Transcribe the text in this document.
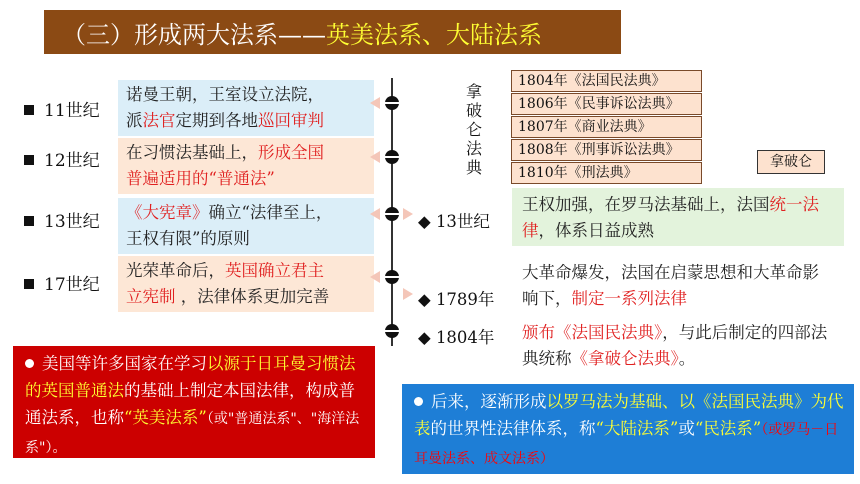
（三）形成两大法系—— 英美法系、大陆法系
11世纪
12世纪
13世纪
17世纪
诺曼王朝，王室设立法院，
派法官定期到各地巡回审判
在习惯法基础上，形成全国
普遍适用的“普通法”
《大宪章》确立“法律至上，
王权有限”的原则
光荣革命后，英国确立君主
立宪制 ，法律体系更加完善
◆ 13世纪
◆ 1789年
◆ 1804年
拿破仑法典
1804年《法国民法典》
1806年《民事诉讼法典》
1807年《商业法典》
1808年《刑事诉讼法典》
1810年《刑法典》
拿破仑
王权加强，在罗马法基础上，法国统一法律，体系日益成熟
大革命爆发，法国在启蒙思想和大革命影响下，制定一系列法律
颁布《法国民法典》，与此后制定的四部法典统称《拿破仑法典》。
美国等许多国家在学习以源于日耳曼习惯法的英国普通法的基础上制定本国法律，构成普通法系，也称“英美法系”（或"普通法系"、"海洋法系"）。
后来，逐渐形成以罗马法为基础、以《法国民法典》为代表的世界性法律体系，称“大陆法系”或“民法系”（或罗马－日耳曼法系、成文法系）
